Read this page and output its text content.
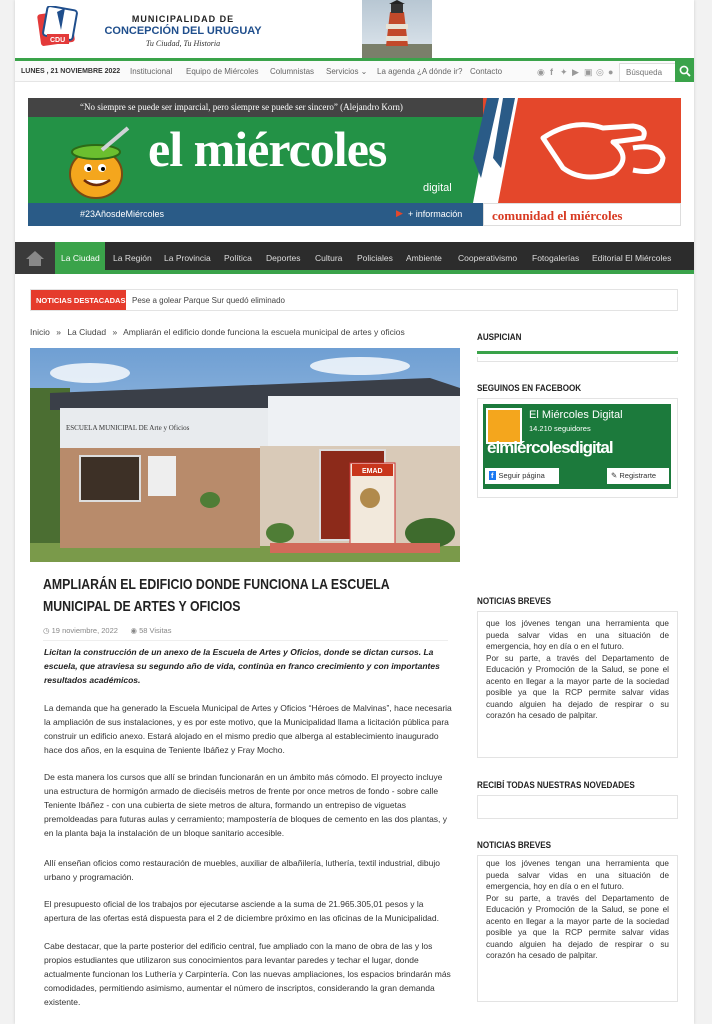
CDU
MUNICIPALIDAD DE
CONCEPCIÓN DEL URUGUAY
Tu Ciudad, Tu Historia
LUNES , 21 NOVIEMBRE 2022 Institucional Equipo de Miércoles Columnistas Servicios ⌄ La agenda ¿A dónde ir? Contacto	◉ f ✦ ▶ ▣ ◎ ●
Búsqueda
“No siempre se puede ser imparcial, pero siempre se puede ser sincero” (Alejandro Korn)
el miércoles
digital
#23AñosdeMiércoles	▶ + información	comunidad el miércoles
La Ciudad La Región La Provincia Política Deportes Cultura Policiales Ambiente Cooperativismo Fotogalerías Editorial El Miércoles
NOTICIAS DESTACADAS Pese a golear Parque Sur quedó eliminado
Inicio » La Ciudad » Ampliarán el edificio donde funciona la escuela municipal de artes y oficios
EMAD
ESCUELA MUNICIPAL DE Arte y Oficios
AMPLIARÁN EL EDIFICIO DONDE FUNCIONA LA ESCUELA MUNICIPAL DE ARTES Y OFICIOS
◷ 19 noviembre, 2022 ◉ 58 Visitas
Licitan la construcción de un anexo de la Escuela de Artes y Oficios, donde se dictan cursos. La escuela, que atraviesa su segundo año de vida, continúa en franco crecimiento y con importantes resultados académicos.

La demanda que ha generado la Escuela Municipal de Artes y Oficios “Héroes de Malvinas”, hace necesaria la ampliación de sus instalaciones, y es por este motivo, que la Municipalidad llama a licitación pública para construir un edificio anexo. Estará alojado en el mismo predio que alberga al establecimiento inaugurado hace dos años, en la esquina de Teniente Ibáñez y Fray Mocho.

De esta manera los cursos que allí se brindan funcionarán en un ámbito más cómodo. El proyecto incluye una estructura de hormigón armado de dieciséis metros de frente por once metros de fondo - sobre calle Teniente Ibáñez - con una cubierta de siete metros de altura, formando un entrepiso de viguetas premoldeadas para futuras aulas y cerramiento; mampostería de bloques de cemento en las dos plantas, y en la planta baja la instalación de un bloque sanitario accesible.

Allí enseñan oficios como restauración de muebles, auxiliar de albañilería, luthería, textil industrial, dibujo urbano y programación.

El presupuesto oficial de los trabajos por ejecutarse asciende a la suma de 21.965.305,01 pesos y la apertura de las ofertas está dispuesta para el 2 de diciembre próximo en las oficinas de la Municipalidad.

Cabe destacar, que la parte posterior del edificio central, fue ampliado con la mano de obra de las y los propios estudiantes que utilizaron sus conocimientos para levantar paredes y techar el lugar, donde actualmente funcionan los Luthería y Carpintería. Con las nuevas ampliaciones, los espacios brindarán más comodidades, permitiendo asimismo, aumentar el número de inscriptos, considerando la gran demanda existente.

AUSPICIAN
SEGUINOS EN FACEBOOK
El Miércoles Digital
14.210 seguidores
elmiércolesdigital
f Seguir página	✎ Registrarte
NOTICIAS BREVES
que los jóvenes tengan una herramienta que pueda salvar vidas en una situación de emergencia, hoy en día o en el futuro.
Por su parte, a través del Departamento de Educación y Promoción de la Salud, se pone el acento en llegar a la mayor parte de la sociedad posible ya que la RCP permite salvar vidas cuando alguien ha dejado de respirar o su corazón ha cesado de palpitar.
RECIBÍ TODAS NUESTRAS NOVEDADES
NOTICIAS BREVES
que los jóvenes tengan una herramienta que pueda salvar vidas en una situación de emergencia, hoy en día o en el futuro.
Por su parte, a través del Departamento de Educación y Promoción de la Salud, se pone el acento en llegar a la mayor parte de la sociedad posible ya que la RCP permite salvar vidas cuando alguien ha dejado de respirar o su corazón ha cesado de palpitar.
